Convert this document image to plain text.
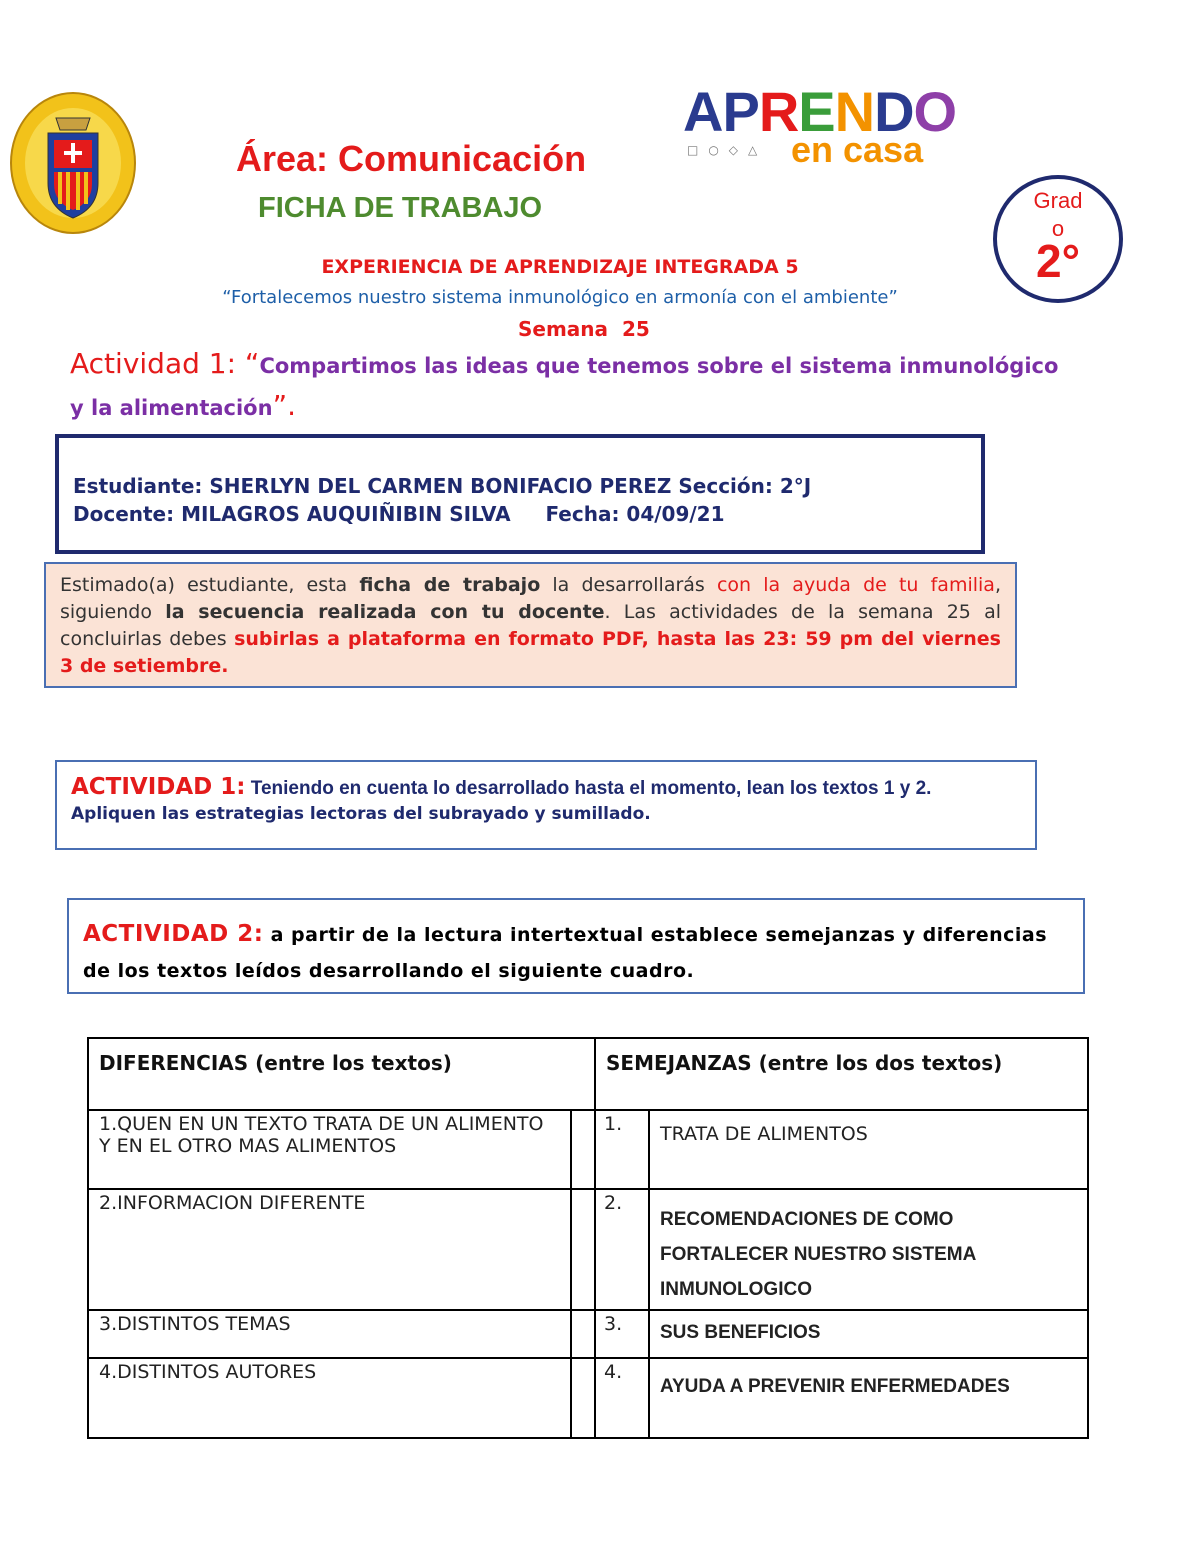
APRENDO
□○◇△ en casa
Área: Comunicación
FICHA DE TRABAJO	Grad
o
2°
EXPERIENCIA DE APRENDIZAJE INTEGRADA 5
“Fortalecemos nuestro sistema inmunológico en armonía con el ambiente”
Semana  25
Actividad 1: “Compartimos las ideas que tenemos sobre el sistema inmunológico y la alimentación”.
Estudiante: SHERLYN DEL CARMEN BONIFACIO PEREZ Sección: 2°J
Docente: MILAGROS AUQUIÑIBIN SILVA     Fecha: 04/09/21
Estimado(a) estudiante, esta ficha de trabajo la desarrollarás con la ayuda de tu familia, siguiendo la secuencia realizada con tu docente. Las actividades de la semana 25 al concluirlas debes subirlas a plataforma en formato PDF, hasta las 23: 59 pm del viernes 3 de setiembre.
ACTIVIDAD 1: Teniendo en cuenta lo desarrollado hasta el momento, lean los textos 1 y 2.
Apliquen las estrategias lectoras del subrayado y sumillado.
ACTIVIDAD 2: a partir de la lectura intertextual establece semejanzas y diferencias de los textos leídos desarrollando el siguiente cuadro.
DIFERENCIAS (entre los textos)		SEMEJANZAS (entre los dos textos)	
1.QUEN EN UN TEXTO TRATA DE UN ALIMENTO Y EN EL OTRO MAS ALIMENTOS		1.	TRATA DE ALIMENTOS
2.INFORMACION DIFERENTE		2.	RECOMENDACIONES DE COMO FORTALECER NUESTRO SISTEMA INMUNOLOGICO
3.DISTINTOS TEMAS		3.	SUS BENEFICIOS
4.DISTINTOS AUTORES		4.	AYUDA A PREVENIR ENFERMEDADES
